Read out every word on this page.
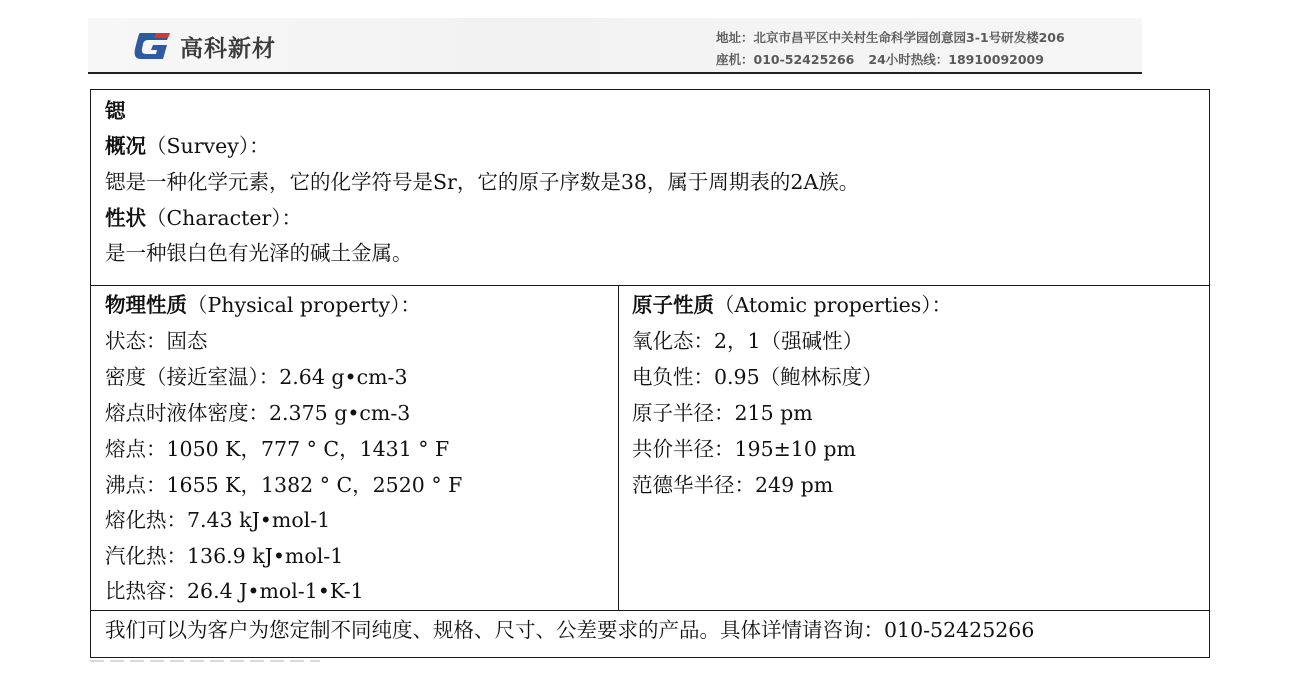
高科新材	地址：北京市昌平区中关村生命科学园创意园3-1号研发楼206
座机：010-52425266 24小时热线：18910092009
锶
概况（Survey）：
锶是一种化学元素，它的化学符号是Sr，它的原子序数是38，属于周期表的2A族。
性状（Character）：
是一种银白色有光泽的碱土金属。
物理性质（Physical property）：
状态：固态
密度（接近室温）：2.64 g•cm-3
熔点时液体密度：2.375 g•cm-3
熔点：1050 K，777 ° C，1431 ° F
沸点：1655 K，1382 ° C，2520 ° F
熔化热：7.43 kJ•mol-1
汽化热：136.9 kJ•mol-1
比热容：26.4 J•mol-1•K-1
原子性质（Atomic properties）：
氧化态：2，1（强碱性）
电负性：0.95（鲍林标度）
原子半径：215 pm
共价半径：195±10 pm
范德华半径：249 pm
我们可以为客户为您定制不同纯度、规格、尺寸、公差要求的产品。具体详情请咨询：010-52425266
